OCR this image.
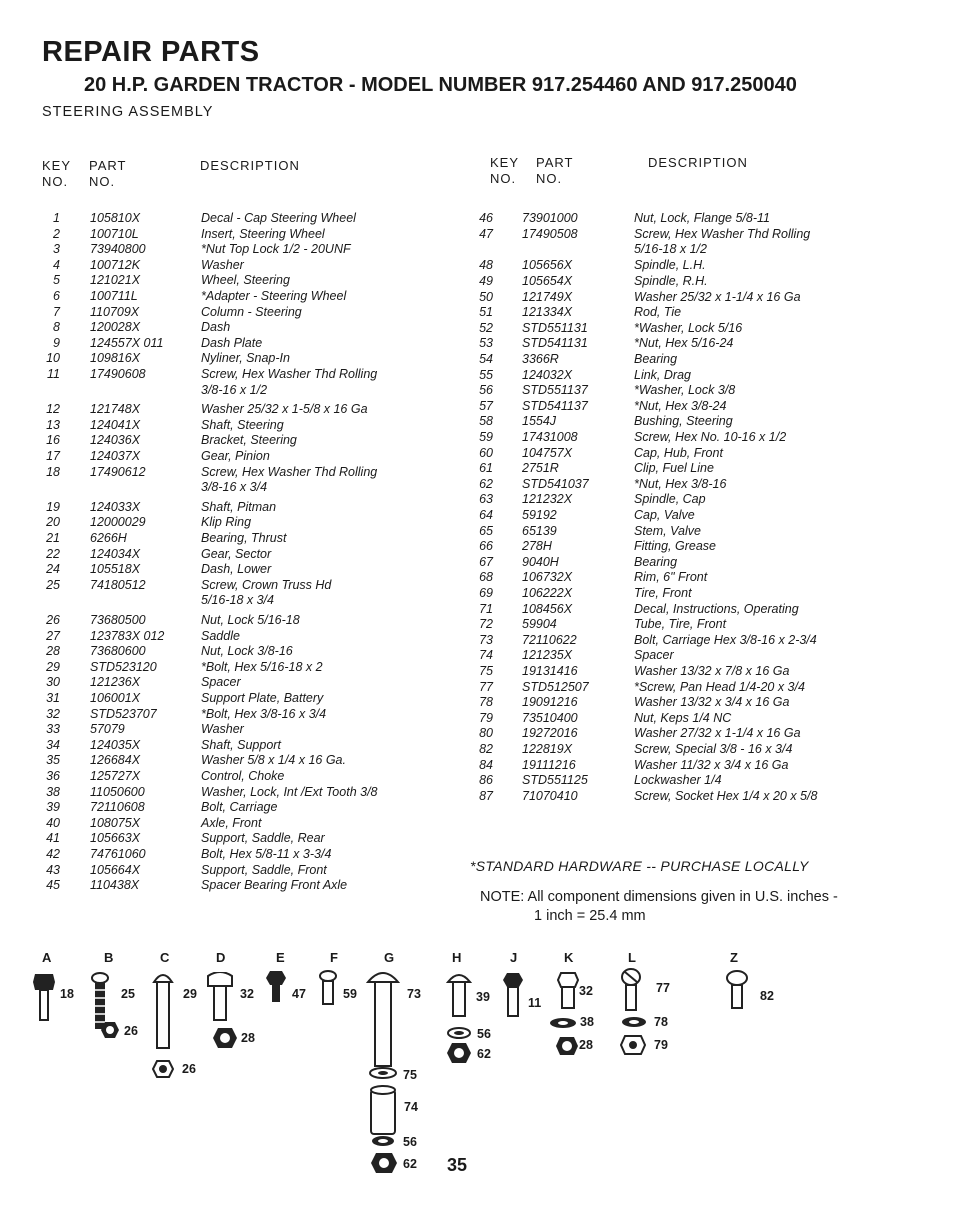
REPAIR PARTS
20 H.P. GARDEN TRACTOR - MODEL NUMBER 917.254460 AND 917.250040
STEERING ASSEMBLY
KEY
NO.
PART
NO.
DESCRIPTION	KEY
NO.
PART
NO.
DESCRIPTION
1 105810X	Decal - Cap Steering Wheel
2 100710L	Insert, Steering Wheel
3 73940800	*Nut Top Lock 1/2 - 20UNF
4 100712K	Washer
5 121021X	Wheel, Steering
6 100711L	*Adapter - Steering Wheel
7 110709X	Column - Steering
8 120028X	Dash
9 124557X 011	Dash Plate
10 109816X	Nyliner, Snap-In
11 17490608	Screw, Hex Washer Thd Rolling
3/8-16 x 1/2
12 121748X	Washer 25/32 x 1-5/8 x 16 Ga
13 124041X	Shaft, Steering
16 124036X	Bracket, Steering
17 124037X	Gear, Pinion
18 17490612	Screw, Hex Washer Thd Rolling
3/8-16 x 3/4
19 124033X	Shaft, Pitman
20 12000029	Klip Ring
21 6266H	Bearing, Thrust
22 124034X	Gear, Sector
24 105518X	Dash, Lower
25 74180512	Screw, Crown Truss Hd
5/16-18 x 3/4
26 73680500	Nut, Lock 5/16-18
27 123783X 012	Saddle
28 73680600	Nut, Lock 3/8-16
29 STD523120	*Bolt, Hex 5/16-18 x 2
30 121236X	Spacer
31 106001X	Support Plate, Battery
32 STD523707	*Bolt, Hex 3/8-16 x 3/4
33 57079	Washer
34 124035X	Shaft, Support
35 126684X	Washer 5/8 x 1/4 x 16 Ga.
36 125727X	Control, Choke
38 11050600	Washer, Lock, Int /Ext Tooth 3/8
39 72110608	Bolt, Carriage
40 108075X	Axle, Front
41 105663X	Support, Saddle, Rear
42 74761060	Bolt, Hex 5/8-11 x 3-3/4
43 105664X	Support, Saddle, Front
45 110438X	Spacer Bearing Front Axle
46 73901000	Nut, Lock, Flange 5/8-11
47 17490508	Screw, Hex Washer Thd Rolling
5/16-18 x 1/2
48 105656X	Spindle, L.H.
49 105654X	Spindle, R.H.
50 121749X	Washer 25/32 x 1-1/4 x 16 Ga
51 121334X	Rod, Tie
52 STD551131	*Washer, Lock 5/16
53 STD541131	*Nut, Hex 5/16-24
54 3366R	Bearing
55 124032X	Link, Drag
56 STD551137	*Washer, Lock 3/8
57 STD541137	*Nut, Hex 3/8-24
58 1554J	Bushing, Steering
59 17431008	Screw, Hex No. 10-16 x 1/2
60 104757X	Cap, Hub, Front
61 2751R	Clip, Fuel Line
62 STD541037	*Nut, Hex 3/8-16
63 121232X	Spindle, Cap
64 59192	Cap, Valve
65 65139	Stem, Valve
66 278H	Fitting, Grease
67 9040H	Bearing
68 106732X	Rim, 6" Front
69 106222X	Tire, Front
71 108456X	Decal, Instructions, Operating
72 59904	Tube, Tire, Front
73 72110622	Bolt, Carriage Hex 3/8-16 x 2-3/4
74 121235X	Spacer
75 19131416	Washer 13/32 x 7/8 x 16 Ga
77 STD512507	*Screw, Pan Head 1/4-20 x 3/4
78 19091216	Washer 13/32 x 3/4 x 16 Ga
79 73510400	Nut, Keps 1/4 NC
80 19272016	Washer 27/32 x 1-1/4 x 16 Ga
82 122819X	Screw, Special 3/8 - 16 x 3/4
84 19111216	Washer 11/32 x 3/4 x 16 Ga
86 STD551125	Lockwasher 1/4
87 71070410	Screw, Socket Hex 1/4 x 20 x 5/8
*STANDARD HARDWARE -- PURCHASE LOCALLY
NOTE: All component dimensions given in U.S. inches -
1 inch = 25.4 mm
A	B	C	D	E	F	G	H	J	K	L	Z
18	25
26
29
26
32
28
47	59	73
75
74
56
62
39
56
62
11
32
38
28
77
78
79
82
35
